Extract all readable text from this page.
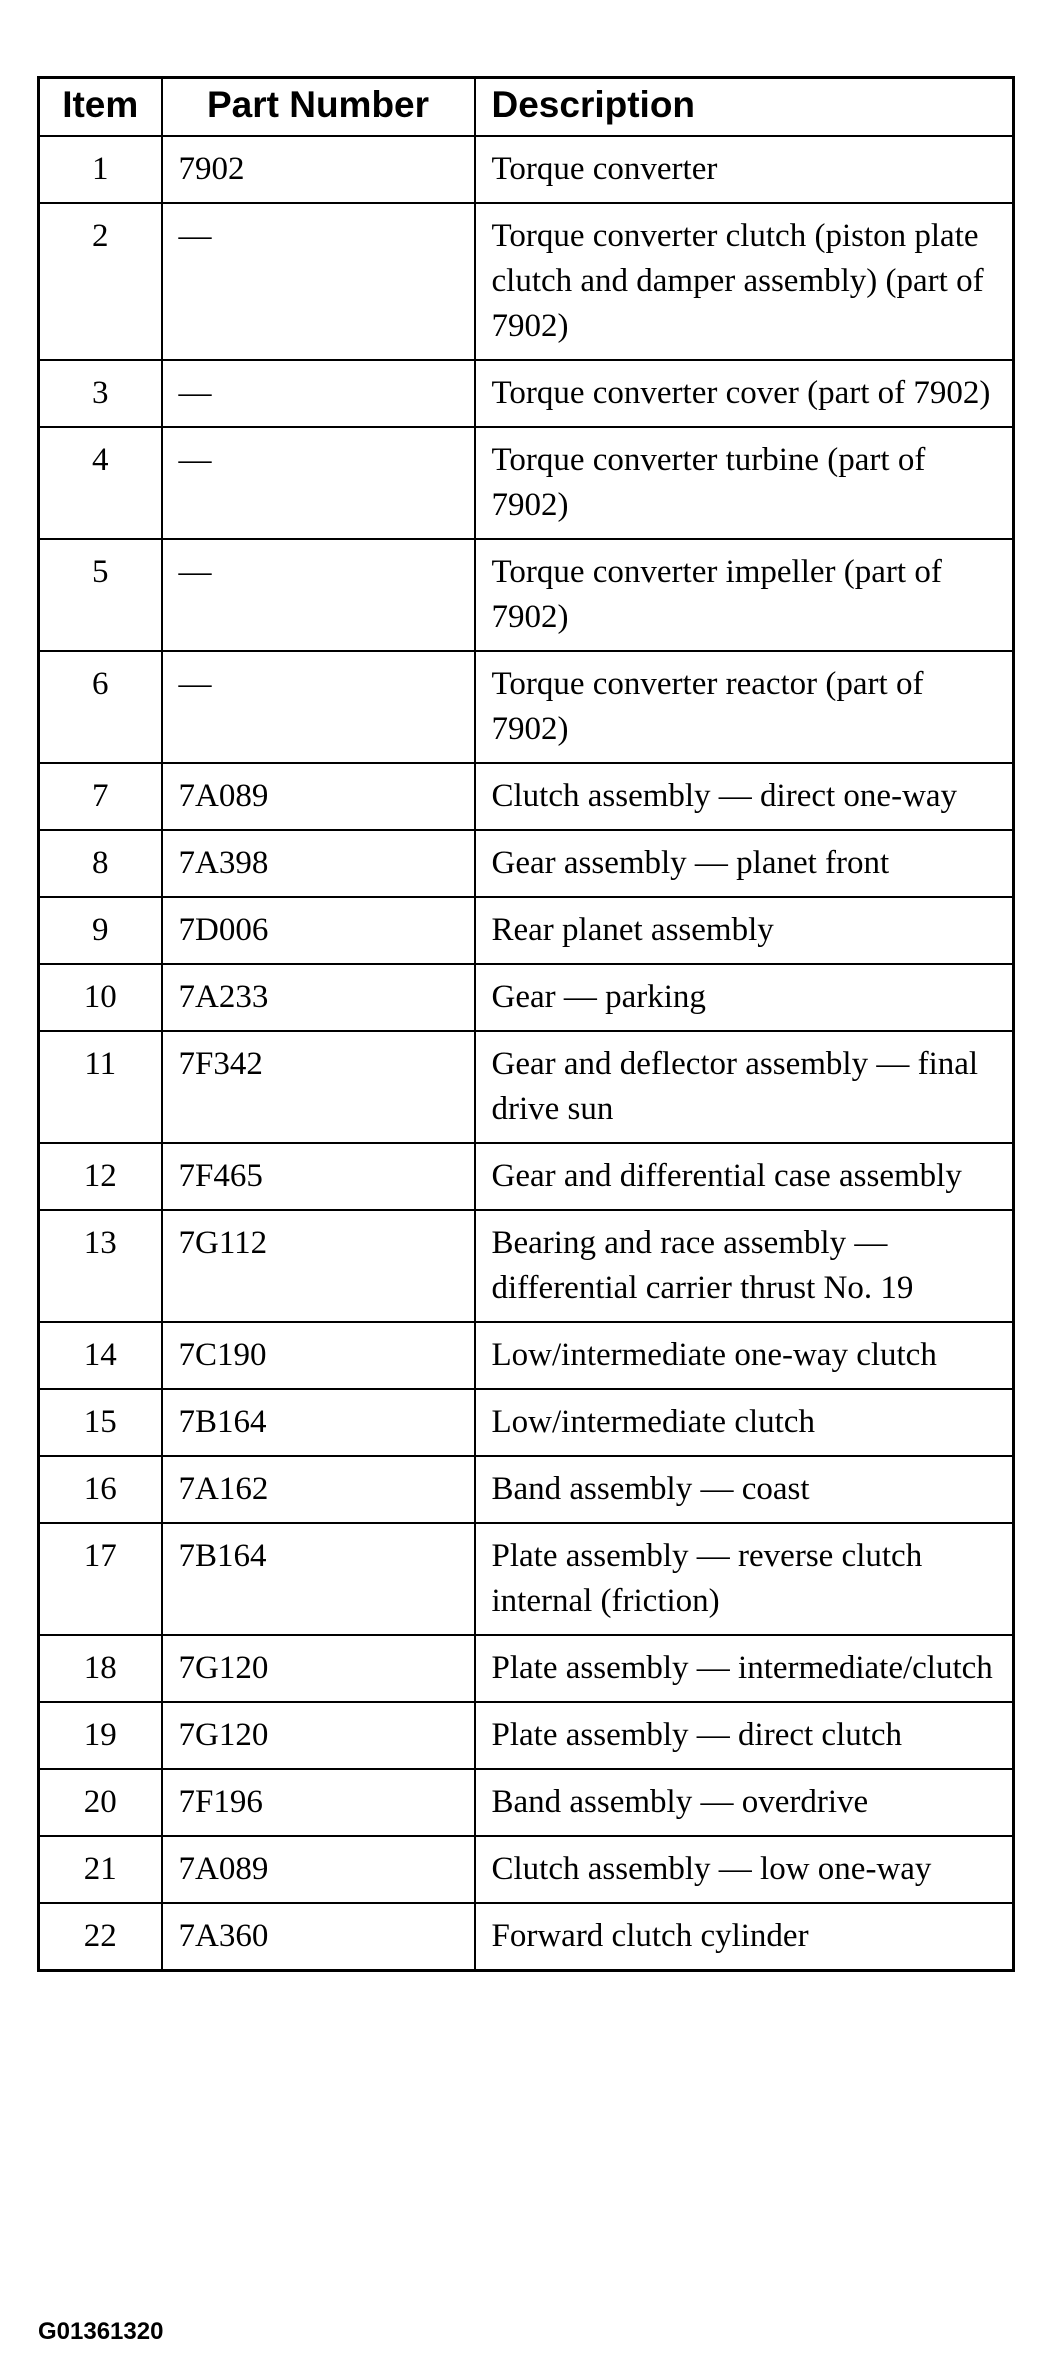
Item	Part Number	Description
1	7902	Torque converter
2	—	Torque converter clutch (piston plate clutch and damper assembly) (part of 7902)
3	—	Torque converter cover (part of 7902)
4	—	Torque converter turbine (part of 7902)
5	—	Torque converter impeller (part of 7902)
6	—	Torque converter reactor (part of 7902)
7	7A089	Clutch assembly — direct one-way
8	7A398	Gear assembly — planet front
9	7D006	Rear planet assembly
10	7A233	Gear — parking
11	7F342	Gear and deflector assembly — final drive sun
12	7F465	Gear and differential case assembly
13	7G112	Bearing and race assembly — differential carrier thrust No. 19
14	7C190	Low/intermediate one-way clutch
15	7B164	Low/intermediate clutch
16	7A162	Band assembly — coast
17	7B164	Plate assembly — reverse clutch internal (friction)
18	7G120	Plate assembly — intermediate/clutch
19	7G120	Plate assembly — direct clutch
20	7F196	Band assembly — overdrive
21	7A089	Clutch assembly — low one-way
22	7A360	Forward clutch cylinder
G01361320
